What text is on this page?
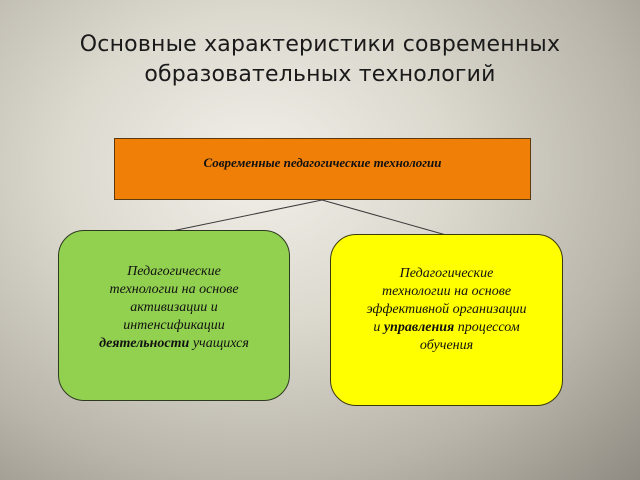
Основные характеристики современных
образовательных технологий
Современные педагогические технологии
Педагогические
технологии на основе
активизации и
интенсификации
деятельности учащихся
Педагогические
технологии на основе
эффективной организации
и управления процессом
обучения
